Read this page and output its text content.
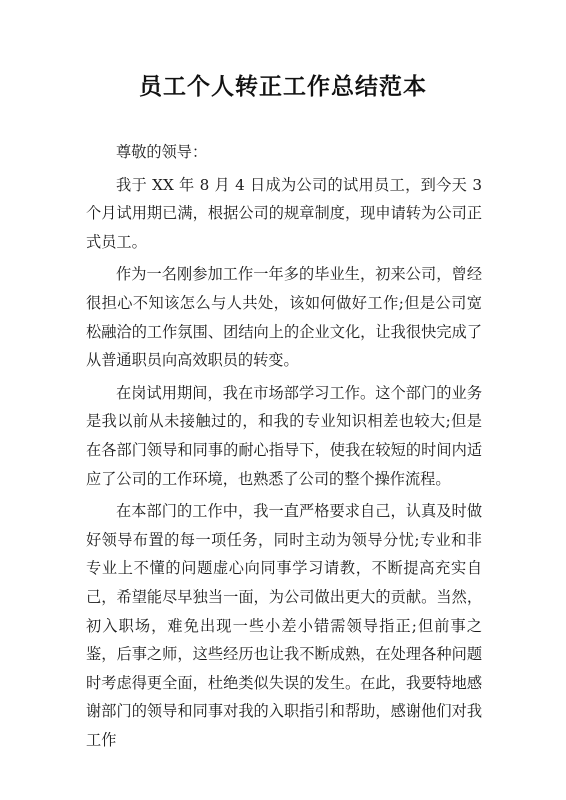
员工个人转正工作总结范本

尊敬的领导：

我于 XX 年 8 月 4 日成为公司的试用员工，到今天 3 个月试用期已满，根据公司的规章制度，现申请转为公司正式员工。

作为一名刚参加工作一年多的毕业生，初来公司，曾经很担心不知该怎么与人共处，该如何做好工作;但是公司宽松融洽的工作氛围、团结向上的企业文化，让我很快完成了从普通职员向高效职员的转变。

在岗试用期间，我在市场部学习工作。这个部门的业务是我以前从未接触过的，和我的专业知识相差也较大;但是在各部门领导和同事的耐心指导下，使我在较短的时间内适应了公司的工作环境，也熟悉了公司的整个操作流程。

在本部门的工作中，我一直严格要求自己，认真及时做好领导布置的每一项任务，同时主动为领导分忧;专业和非专业上不懂的问题虚心向同事学习请教，不断提高充实自己，希望能尽早独当一面，为公司做出更大的贡献。当然，初入职场，难免出现一些小差小错需领导指正;但前事之鉴，后事之师，这些经历也让我不断成熟，在处理各种问题时考虑得更全面，杜绝类似失误的发生。在此，我要特地感谢部门的领导和同事对我的入职指引和帮助，感谢他们对我工作
